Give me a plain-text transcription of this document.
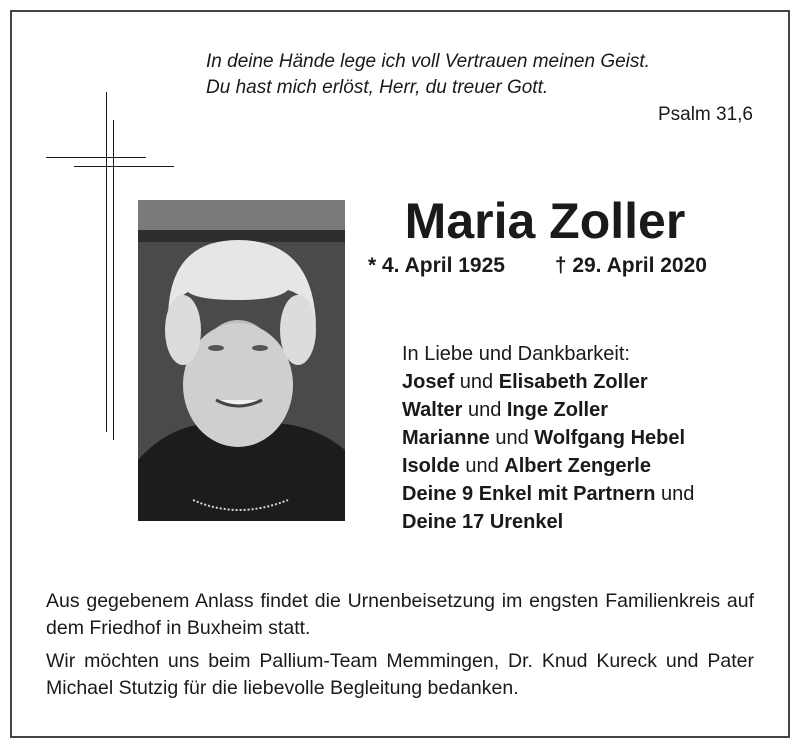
In deine Hände lege ich voll Vertrauen meinen Geist.
Du hast mich erlöst, Herr, du treuer Gott.
Psalm 31,6
Maria Zoller
* 4. April 1925 † 29. April 2020
In Liebe und Dankbarkeit:
Josef und Elisabeth Zoller
Walter und Inge Zoller
Marianne und Wolfgang Hebel
Isolde und Albert Zengerle
Deine 9 Enkel mit Partnern und
Deine 17 Urenkel

Aus gegebenem Anlass findet die Urnenbeisetzung im engsten Familienkreis auf dem Friedhof in Buxheim statt.

Wir möchten uns beim Pallium-Team Memmingen, Dr. Knud Kureck und Pater Michael Stutzig für die liebevolle Begleitung bedanken.
